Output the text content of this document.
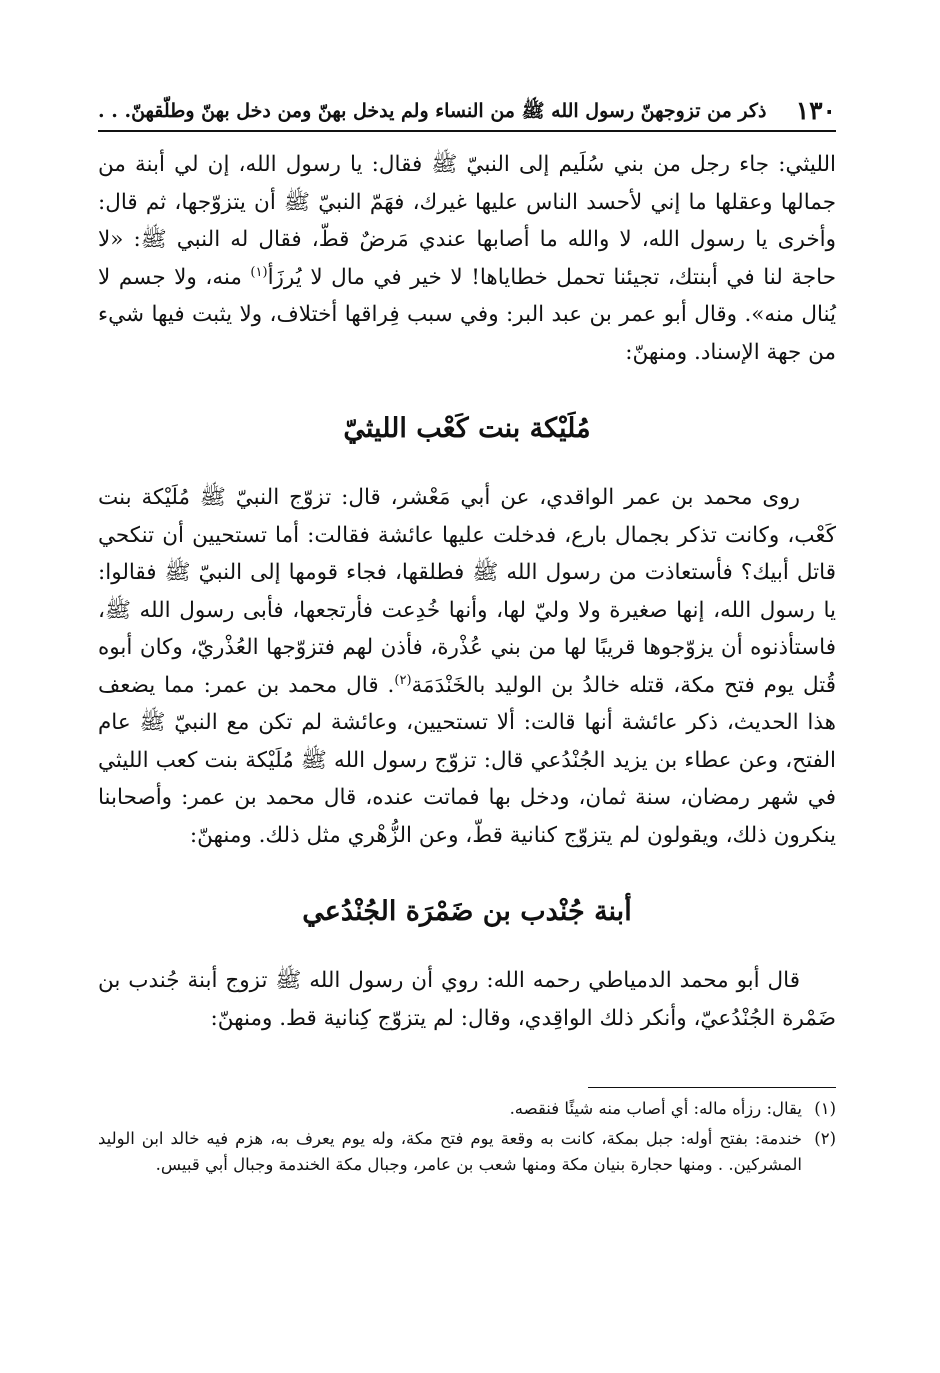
١٣٠
ذكر من تزوجهنّ رسول الله ﷺ من النساء ولم يدخل بهنّ ومن دخل بهنّ وطلّقهنّ. . .

الليثي: جاء رجل من بني سُلَيم إلى النبيّ ﷺ فقال: يا رسول الله، إن لي أبنة من جمالها وعقلها ما إني لأحسد الناس عليها غيرك، فهَمّ النبيّ ﷺ أن يتزوّجها، ثم قال: وأخرى يا رسول الله، لا والله ما أصابها عندي مَرضٌ قطّ، فقال له النبي ﷺ: «لا حاجة لنا في أبنتك، تجيئنا تحمل خطاياها! لا خير في مال لا يُرزَأ$^{(١)}$ منه، ولا جسم لا يُنال منه». وقال أبو عمر بن عبد البر: وفي سبب فِراقها أختلاف، ولا يثبت فيها شيء من جهة الإسناد. ومنهنّ:

مُلَيْكة بنت كَعْب الليثيّ

روى محمد بن عمر الواقدي، عن أبي مَعْشر، قال: تزوّج النبيّ ﷺ مُلَيْكة بنت كَعْب، وكانت تذكر بجمال بارع، فدخلت عليها عائشة فقالت: أما تستحيين أن تنكحي قاتل أبيك؟ فأستعاذت من رسول الله ﷺ فطلقها، فجاء قومها إلى النبيّ ﷺ فقالوا: يا رسول الله، إنها صغيرة ولا وليّ لها، وأنها خُدِعت فأرتجعها، فأبى رسول الله ﷺ، فاستأذنوه أن يزوّجوها قريبًا لها من بني عُذْرة، فأذن لهم فتزوّجها العُذْريّ، وكان أبوه قُتل يوم فتح مكة، قتله خالدُ بن الوليد بالخَنْدَمَة$^{(٢)}$. قال محمد بن عمر: مما يضعف هذا الحديث، ذكر عائشة أنها قالت: ألا تستحيين، وعائشة لم تكن مع النبيّ ﷺ عام الفتح، وعن عطاء بن يزيد الجُنْدُعي قال: تزوّج رسول الله ﷺ مُلَيْكة بنت كعب الليثي في شهر رمضان، سنة ثمان، ودخل بها فماتت عنده، قال محمد بن عمر: وأصحابنا ينكرون ذلك، ويقولون لم يتزوّج كنانية قطّ، وعن الزُّهْري مثل ذلك. ومنهنّ:

أبنة جُنْدب بن ضَمْرَة الجُنْدُعي

قال أبو محمد الدمياطي رحمه الله: روي أن رسول الله ﷺ تزوج أبنة جُندب بن ضَمْرة الجُنْدُعيّ، وأنكر ذلك الواقِدي، وقال: لم يتزوّج كِنانية قط. ومنهنّ:

(١)
يقال: رزأه ماله: أي أصاب منه شيئًا فنقصه.
(٢)
خندمة: بفتح أوله: جبل بمكة، كانت به وقعة يوم فتح مكة، وله يوم يعرف به، هزم فيه خالد ابن الوليد المشركين. . ومنها حجارة بنيان مكة ومنها شعب بن عامر، وجبال مكة الخندمة وجبال أبي قبيس.
